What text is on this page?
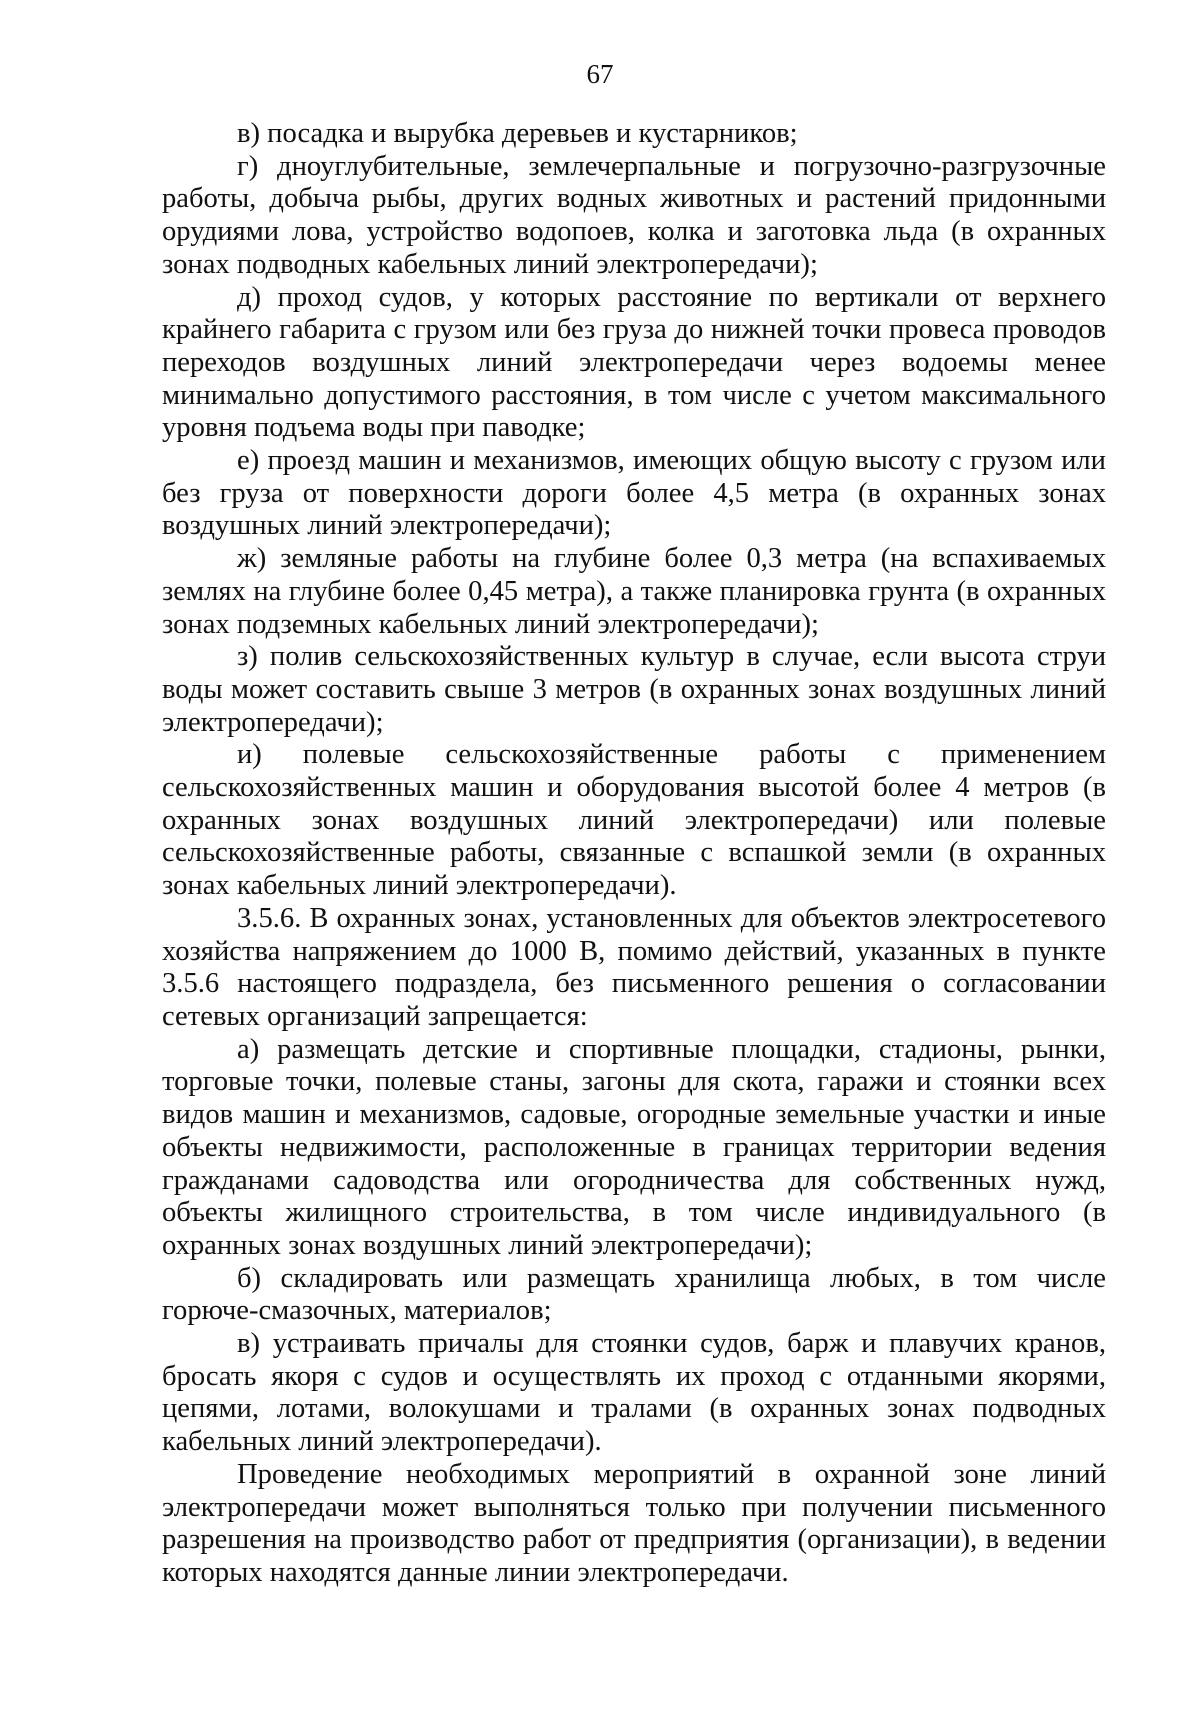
67

в) посадка и вырубка деревьев и кустарников;

г) дноуглубительные, землечерпальные и погрузочно-разгрузочные работы, добыча рыбы, других водных животных и растений придонными орудиями лова, устройство водопоев, колка и заготовка льда (в охранных зонах подводных кабельных линий электропередачи);

д) проход судов, у которых расстояние по вертикали от верхнего крайнего габарита с грузом или без груза до нижней точки провеса проводов переходов воздушных линий электропередачи через водоемы менее минимально допустимого расстояния, в том числе с учетом максимального уровня подъема воды при паводке;

е) проезд машин и механизмов, имеющих общую высоту с грузом или без груза от поверхности дороги более 4,5 метра (в охранных зонах воздушных линий электропередачи);

ж) земляные работы на глубине более 0,3 метра (на вспахиваемых землях на глубине более 0,45 метра), а также планировка грунта (в охранных зонах подземных кабельных линий электропередачи);

з) полив сельскохозяйственных культур в случае, если высота струи воды может составить свыше 3 метров (в охранных зонах воздушных линий электропередачи);

и) полевые сельскохозяйственные работы с применением сельскохозяйственных машин и оборудования высотой более 4 метров (в охранных зонах воздушных линий электропередачи) или полевые сельскохозяйственные работы, связанные с вспашкой земли (в охранных зонах кабельных линий электропередачи).

3.5.6. В охранных зонах, установленных для объектов электросетевого хозяйства напряжением до 1000 В, помимо действий, указанных в пункте 3.5.6 настоящего подраздела, без письменного решения о согласовании сетевых организаций запрещается:

а) размещать детские и спортивные площадки, стадионы, рынки, торговые точки, полевые станы, загоны для скота, гаражи и стоянки всех видов машин и механизмов, садовые, огородные земельные участки и иные объекты недвижимости, расположенные в границах территории ведения гражданами садоводства или огородничества для собственных нужд, объекты жилищного строительства, в том числе индивидуального (в охранных зонах воздушных линий электропередачи);

б) складировать или размещать хранилища любых, в том числе горюче-смазочных, материалов;

в) устраивать причалы для стоянки судов, барж и плавучих кранов, бросать якоря с судов и осуществлять их проход с отданными якорями, цепями, лотами, волокушами и тралами (в охранных зонах подводных кабельных линий электропередачи).

Проведение необходимых мероприятий в охранной зоне линий электропередачи может выполняться только при получении письменного разрешения на производство работ от предприятия (организации), в ведении которых находятся данные линии электропередачи.
